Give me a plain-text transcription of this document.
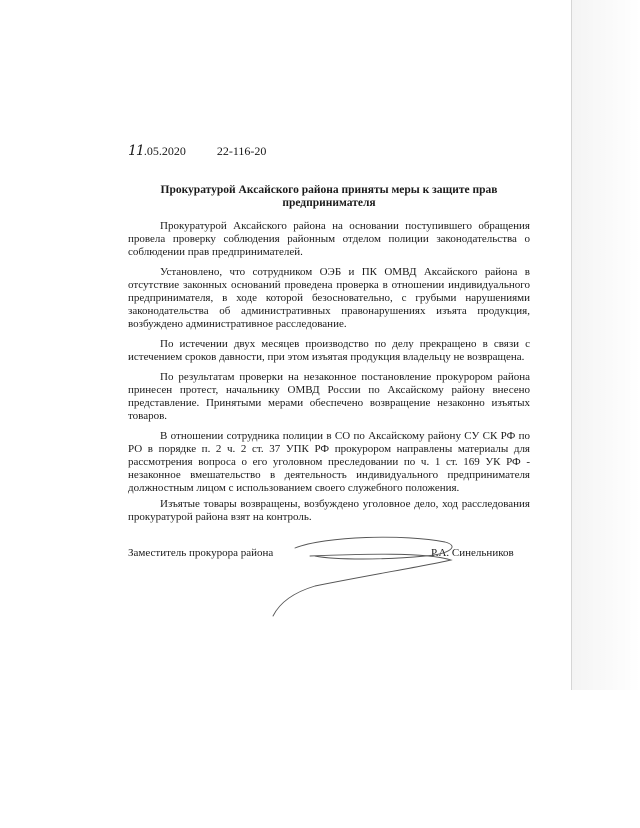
11.05.2020	22-116-20
Прокуратурой Аксайского района приняты меры к защите прав предпринимателя

Прокуратурой Аксайского района на основании поступившего обращения провела проверку соблюдения районным отделом полиции законодательства о соблюдении прав предпринимателей.

Установлено, что сотрудником ОЭБ и ПК ОМВД Аксайского района в отсутствие законных оснований проведена проверка в отношении индивидуального предпринимателя, в ходе которой безосновательно, с грубыми нарушениями законодательства об административных правонарушениях изъята продукция, возбуждено административное расследование.

По истечении двух месяцев производство по делу прекращено в связи с истечением сроков давности, при этом изъятая продукция владельцу не возвращена.

По результатам проверки на незаконное постановление прокурором района принесен протест, начальнику ОМВД России по Аксайскому району внесено представление. Принятыми мерами обеспечено возвращение незаконно изъятых товаров.

В отношении сотрудника полиции в СО по Аксайскому району СУ СК РФ по РО в порядке п. 2 ч. 2 ст. 37 УПК РФ прокурором направлены материалы для рассмотрения вопроса о его уголовном преследовании по ч. 1 ст. 169 УК РФ - незаконное вмешательство в деятельность индивидуального предпринимателя должностным лицом с использованием своего служебного положения.

Изъятые товары возвращены, возбуждено уголовное дело, ход расследования прокуратурой района взят на контроль.

Заместитель прокурора района	Р.А. Синельников
